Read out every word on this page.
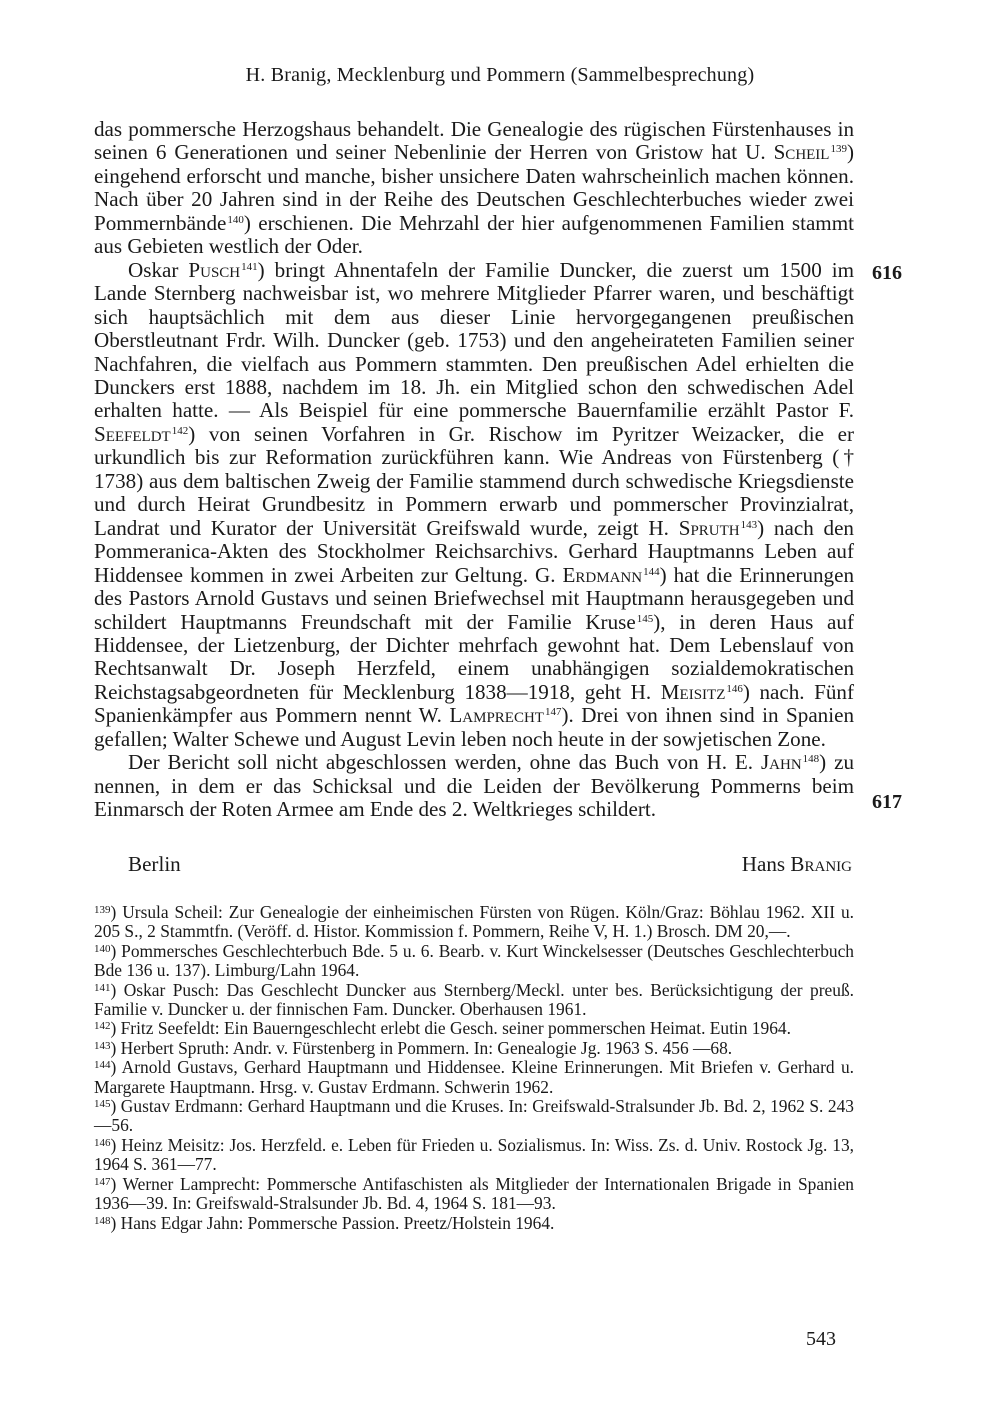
H. Branig, Mecklenburg und Pommern (Sammelbesprechung)

das pommersche Herzogshaus behandelt. Die Genealogie des rügischen Fürstenhauses in seinen 6 Generationen und seiner Nebenlinie der Herren von Gristow hat U. Scheil$^{139}$) eingehend erforscht und manche, bisher unsichere Daten wahrscheinlich machen können. Nach über 20 Jahren sind in der Reihe des Deutschen Geschlechterbuches wieder zwei Pommernbände$^{140}$) erschienen. Die Mehrzahl der hier aufgenommenen Familien stammt aus Gebieten westlich der Oder.

Oskar Pusch$^{141}$) bringt Ahnentafeln der Familie Duncker, die zuerst um 1500 im Lande Sternberg nachweisbar ist, wo mehrere Mitglieder Pfarrer waren, und beschäftigt sich hauptsächlich mit dem aus dieser Linie hervorgegangenen preußischen Oberstleutnant Frdr. Wilh. Duncker (geb. 1753) und den angeheirateten Familien seiner Nachfahren, die vielfach aus Pommern stammten. Den preußischen Adel erhielten die Dunckers erst 1888, nachdem im 18. Jh. ein Mitglied schon den schwedischen Adel erhalten hatte. — Als Beispiel für eine pommersche Bauernfamilie erzählt Pastor F. Seefeldt$^{142}$) von seinen Vorfahren in Gr. Rischow im Pyritzer Weizacker, die er urkundlich bis zur Reformation zurückführen kann. Wie Andreas von Fürstenberg († 1738) aus dem baltischen Zweig der Familie stammend durch schwedische Kriegsdienste und durch Heirat Grundbesitz in Pommern erwarb und pommerscher Provinzialrat, Landrat und Kurator der Universität Greifswald wurde, zeigt H. Spruth$^{143}$) nach den Pommeranica-Akten des Stockholmer Reichsarchivs. Gerhard Hauptmanns Leben auf Hiddensee kommen in zwei Arbeiten zur Geltung. G. Erdmann$^{144}$) hat die Erinnerungen des Pastors Arnold Gustavs und seinen Briefwechsel mit Hauptmann herausgegeben und schildert Hauptmanns Freundschaft mit der Familie Kruse$^{145}$), in deren Haus auf Hiddensee, der Lietzenburg, der Dichter mehrfach gewohnt hat. Dem Lebenslauf von Rechtsanwalt Dr. Joseph Herzfeld, einem unabhängigen sozialdemokratischen Reichstagsabgeordneten für Mecklenburg 1838—1918, geht H. Meisitz$^{146}$) nach. Fünf Spanienkämpfer aus Pommern nennt W. Lamprecht$^{147}$). Drei von ihnen sind in Spanien gefallen; Walter Schewe und August Levin leben noch heute in der sowjetischen Zone.

Der Bericht soll nicht abgeschlossen werden, ohne das Buch von H. E. Jahn$^{148}$) zu nennen, in dem er das Schicksal und die Leiden der Bevölkerung Pommerns beim Einmarsch der Roten Armee am Ende des 2. Weltkrieges schildert.

616
617
Berlin	Hans Branig

$^{139}$) Ursula Scheil: Zur Genealogie der einheimischen Fürsten von Rügen. Köln/Graz: Böhlau 1962. XII u. 205 S., 2 Stammtfn. (Veröff. d. Histor. Kommission f. Pommern, Reihe V, H. 1.) Brosch. DM 20,—.

$^{140}$) Pommersches Geschlechterbuch Bde. 5 u. 6. Bearb. v. Kurt Winckelsesser (Deutsches Geschlechterbuch Bde 136 u. 137). Limburg/Lahn 1964.

$^{141}$) Oskar Pusch: Das Geschlecht Duncker aus Sternberg/Meckl. unter bes. Berücksichtigung der preuß. Familie v. Duncker u. der finnischen Fam. Duncker. Oberhausen 1961.

$^{142}$) Fritz Seefeldt: Ein Bauerngeschlecht erlebt die Gesch. seiner pommerschen Heimat. Eutin 1964.

$^{143}$) Herbert Spruth: Andr. v. Fürstenberg in Pommern. In: Genealogie Jg. 1963 S. 456 —68.

$^{144}$) Arnold Gustavs, Gerhard Hauptmann und Hiddensee. Kleine Erinnerungen. Mit Briefen v. Gerhard u. Margarete Hauptmann. Hrsg. v. Gustav Erdmann. Schwerin 1962.

$^{145}$) Gustav Erdmann: Gerhard Hauptmann und die Kruses. In: Greifswald-Stralsunder Jb. Bd. 2, 1962 S. 243—56.

$^{146}$) Heinz Meisitz: Jos. Herzfeld. e. Leben für Frieden u. Sozialismus. In: Wiss. Zs. d. Univ. Rostock Jg. 13, 1964 S. 361—77.

$^{147}$) Werner Lamprecht: Pommersche Antifaschisten als Mitglieder der Internationalen Brigade in Spanien 1936—39. In: Greifswald-Stralsunder Jb. Bd. 4, 1964 S. 181—93.

$^{148}$) Hans Edgar Jahn: Pommersche Passion. Preetz/Holstein 1964.

543
